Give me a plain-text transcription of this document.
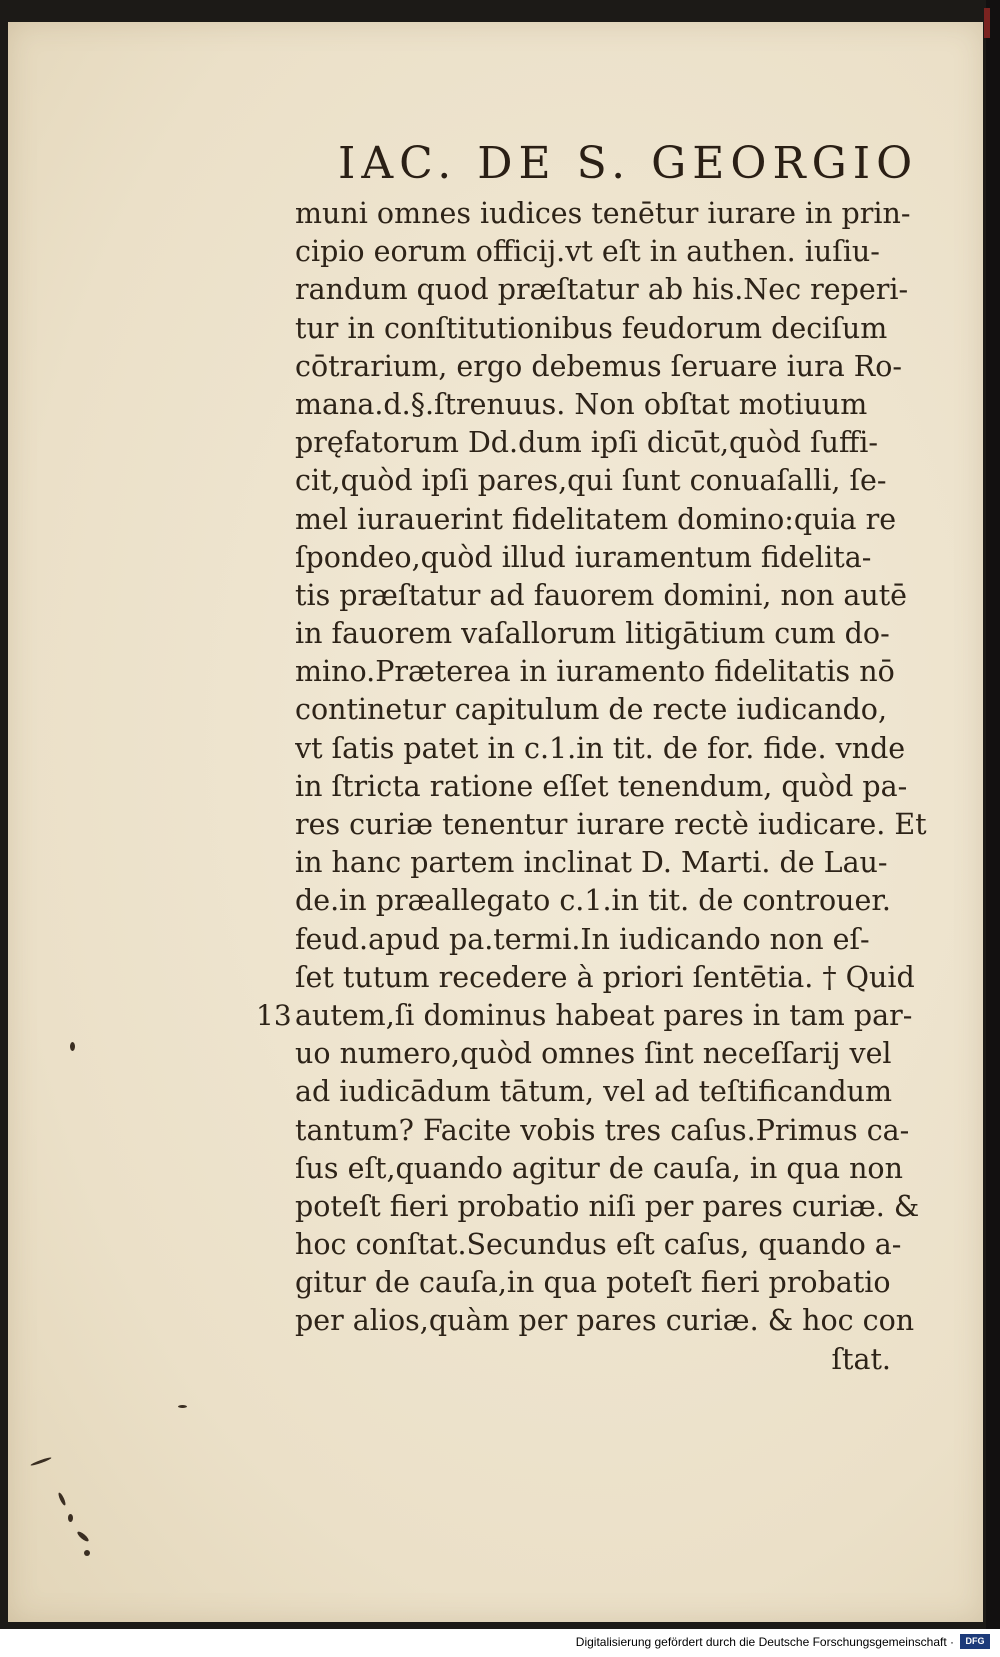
IAC. DE S. GEORGIO
muni omnes iudices tenētur iurare in prin-
cipio eorum officij.vt eſt in authen. iuſiu-
randum quod præſtatur ab his.Nec reperi-
tur in conſtitutionibus feudorum deciſum
cōtrarium, ergo debemus ſeruare iura Ro-
mana.d.§.ſtrenuus. Non obſtat motiuum
pręfatorum Dd.dum ipſi dicūt,quòd ſuffi-
cit,quòd ipſi pares,qui ſunt conuaſalli, ſe-
mel iurauerint fidelitatem domino:quia re
ſpondeo,quòd illud iuramentum fidelita-
tis præſtatur ad fauorem domini, non autē
in fauorem vaſallorum litigātium cum do-
mino.Præterea in iuramento fidelitatis nō
continetur capitulum de recte iudicando,
vt ſatis patet in c.1.in tit. de for. fide. vnde
in ſtricta ratione eſſet tenendum, quòd pa-
res curiæ tenentur iurare rectè iudicare. Et
in hanc partem inclinat D. Marti. de Lau-
de.in præallegato c.1.in tit. de controuer.
feud.apud pa.termi.In iudicando non eſ-
ſet tutum recedere à priori ſentētia. † Quid
autem,ſi dominus habeat pares in tam par-
uo numero,quòd omnes ſint neceſſarij vel
ad iudicādum tātum, vel ad teſtificandum
tantum? Facite vobis tres caſus.Primus ca-
ſus eſt,quando agitur de cauſa, in qua non
poteſt fieri probatio niſi per pares curiæ. &
hoc conſtat.Secundus eſt caſus, quando a-
gitur de cauſa,in qua poteſt fieri probatio
per alios,quàm per pares curiæ. & hoc con
ſtat.
13
Digitalisierung gefördert durch die Deutsche Forschungsgemeinschaft ·	DFG
